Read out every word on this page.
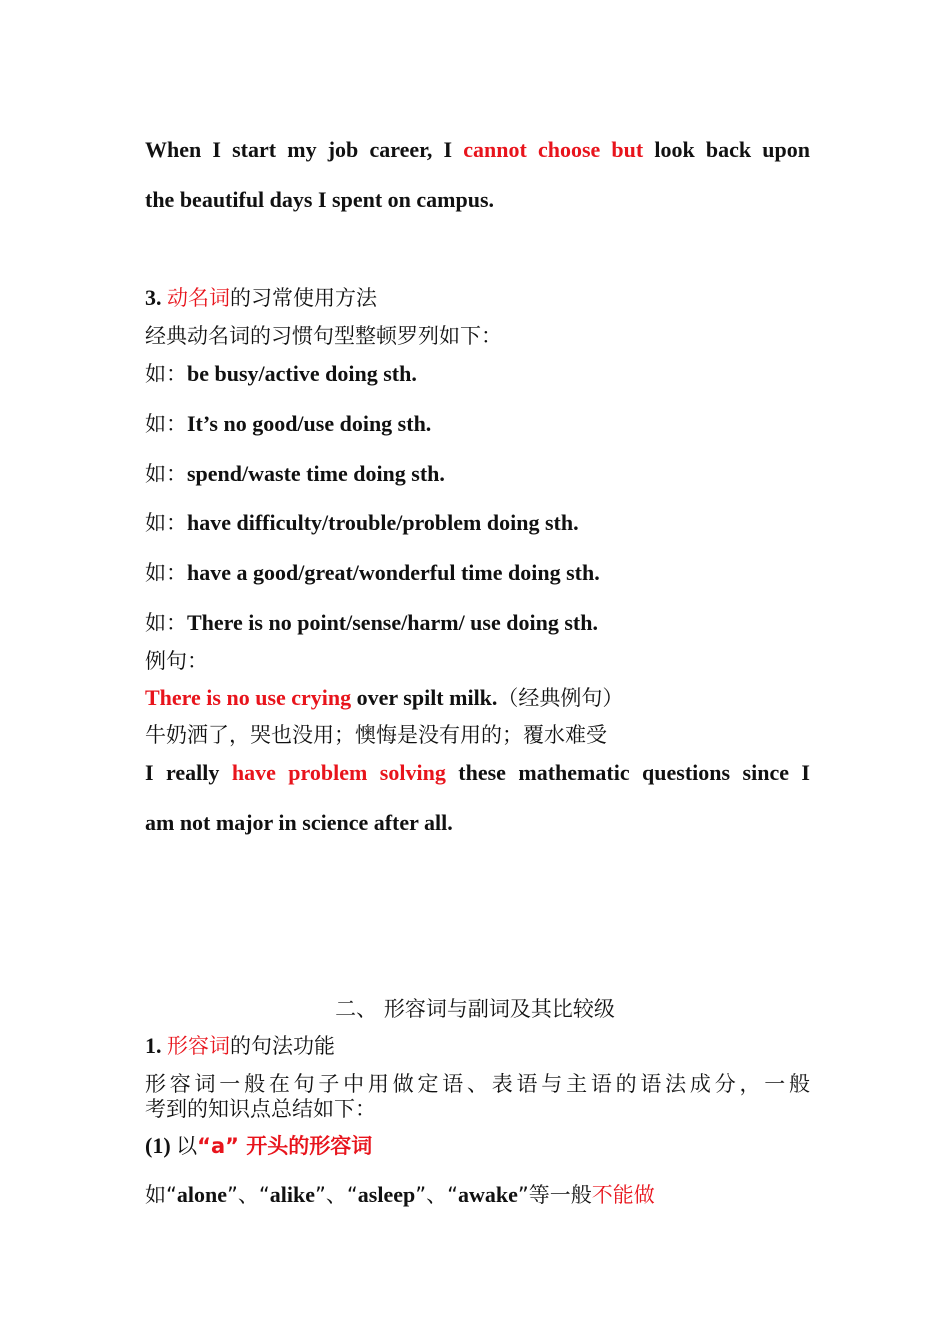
When I start my job career, I cannot choose but look back upon
the beautiful days I spent on campus.
3. 动名词的习常使用方法
经典动名词的习惯句型整顿罗列如下：
如：be busy/active doing sth.
如：It’s no good/use doing sth.
如：spend/waste time doing sth.
如：have difficulty/trouble/problem doing sth.
如：have a good/great/wonderful time doing sth.
如：There is no point/sense/harm/ use doing sth.
例句：
There is no use crying over spilt milk.（经典例句）
牛奶洒了，哭也没用；懊悔是没有用的；覆水难受
I really have problem solving these mathematic questions since I
am not major in science after all.
二、 形容词与副词及其比较级
1. 形容词的句法功能
形容词一般在句子中用做定语、表语与主语的语法成分，一般
考到的知识点总结如下：
(1) 以“a” 开头的形容词
如“alone”、“alike”、“asleep”、“awake”等一般不能做
